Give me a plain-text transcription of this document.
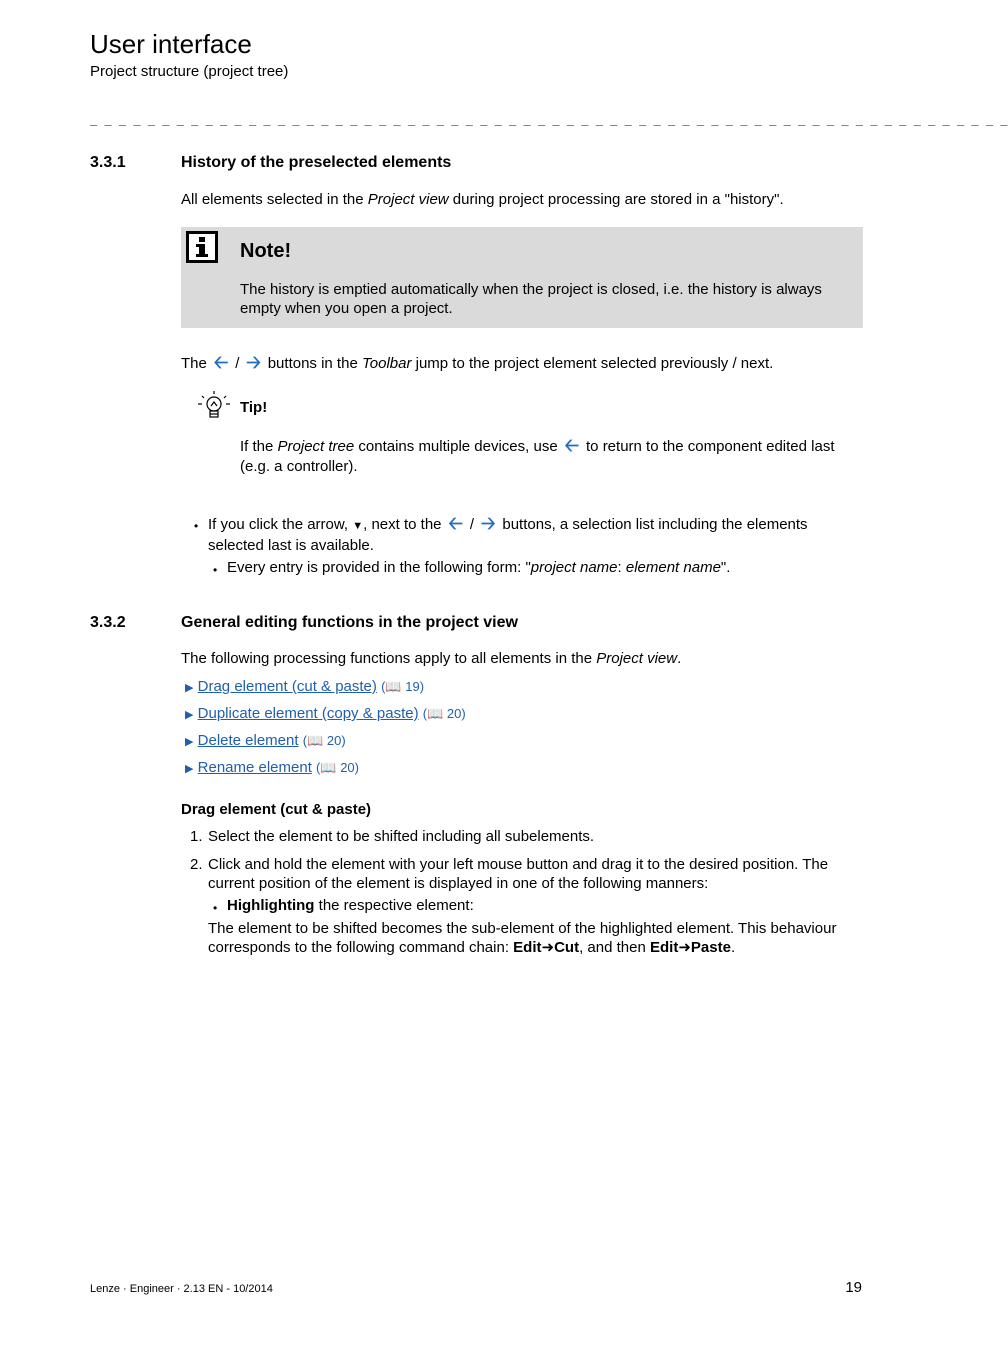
User interface
Project structure (project tree)
_ _ _ _ _ _ _ _ _ _ _ _ _ _ _ _ _ _ _ _ _ _ _ _ _ _ _ _ _ _ _ _ _ _ _ _ _ _ _ _ _ _ _ _ _ _ _ _ _ _ _ _ _ _ _ _ _ _ _ _ _ _ _ _
3.3.1	History of the preselected elements
All elements selected in the Project view during project processing are stored in a "history".
Note!
The history is emptied automatically when the project is closed, i.e. the history is always empty when you open a project.
The 🡠 / 🡢 buttons in the Toolbar jump to the project element selected previously / next.
Tip!
If the Project tree contains multiple devices, use 🡠 to return to the component edited last
(e.g. a controller).
• If you click the arrow, ▼, next to the 🡠 / 🡢 buttons, a selection list including the elements
selected last is available.
• Every entry is provided in the following form: "project name: element name".
3.3.2	General editing functions in the project view
The following processing functions apply to all elements in the Project view.
▶ Drag element (cut & paste) (📖 19)
▶ Duplicate element (copy & paste) (📖 20)
▶ Delete element (📖 20)
▶ Rename element (📖 20)
Drag element (cut & paste)
1. Select the element to be shifted including all subelements.
2. Click and hold the element with your left mouse button and drag it to the desired position. The
current position of the element is displayed in one of the following manners:
• Highlighting the respective element:
The element to be shifted becomes the sub-element of the highlighted element. This behaviour
corresponds to the following command chain: Edit➜Cut, and then Edit➜Paste.
Lenze · Engineer · 2.13 EN - 10/2014	19
